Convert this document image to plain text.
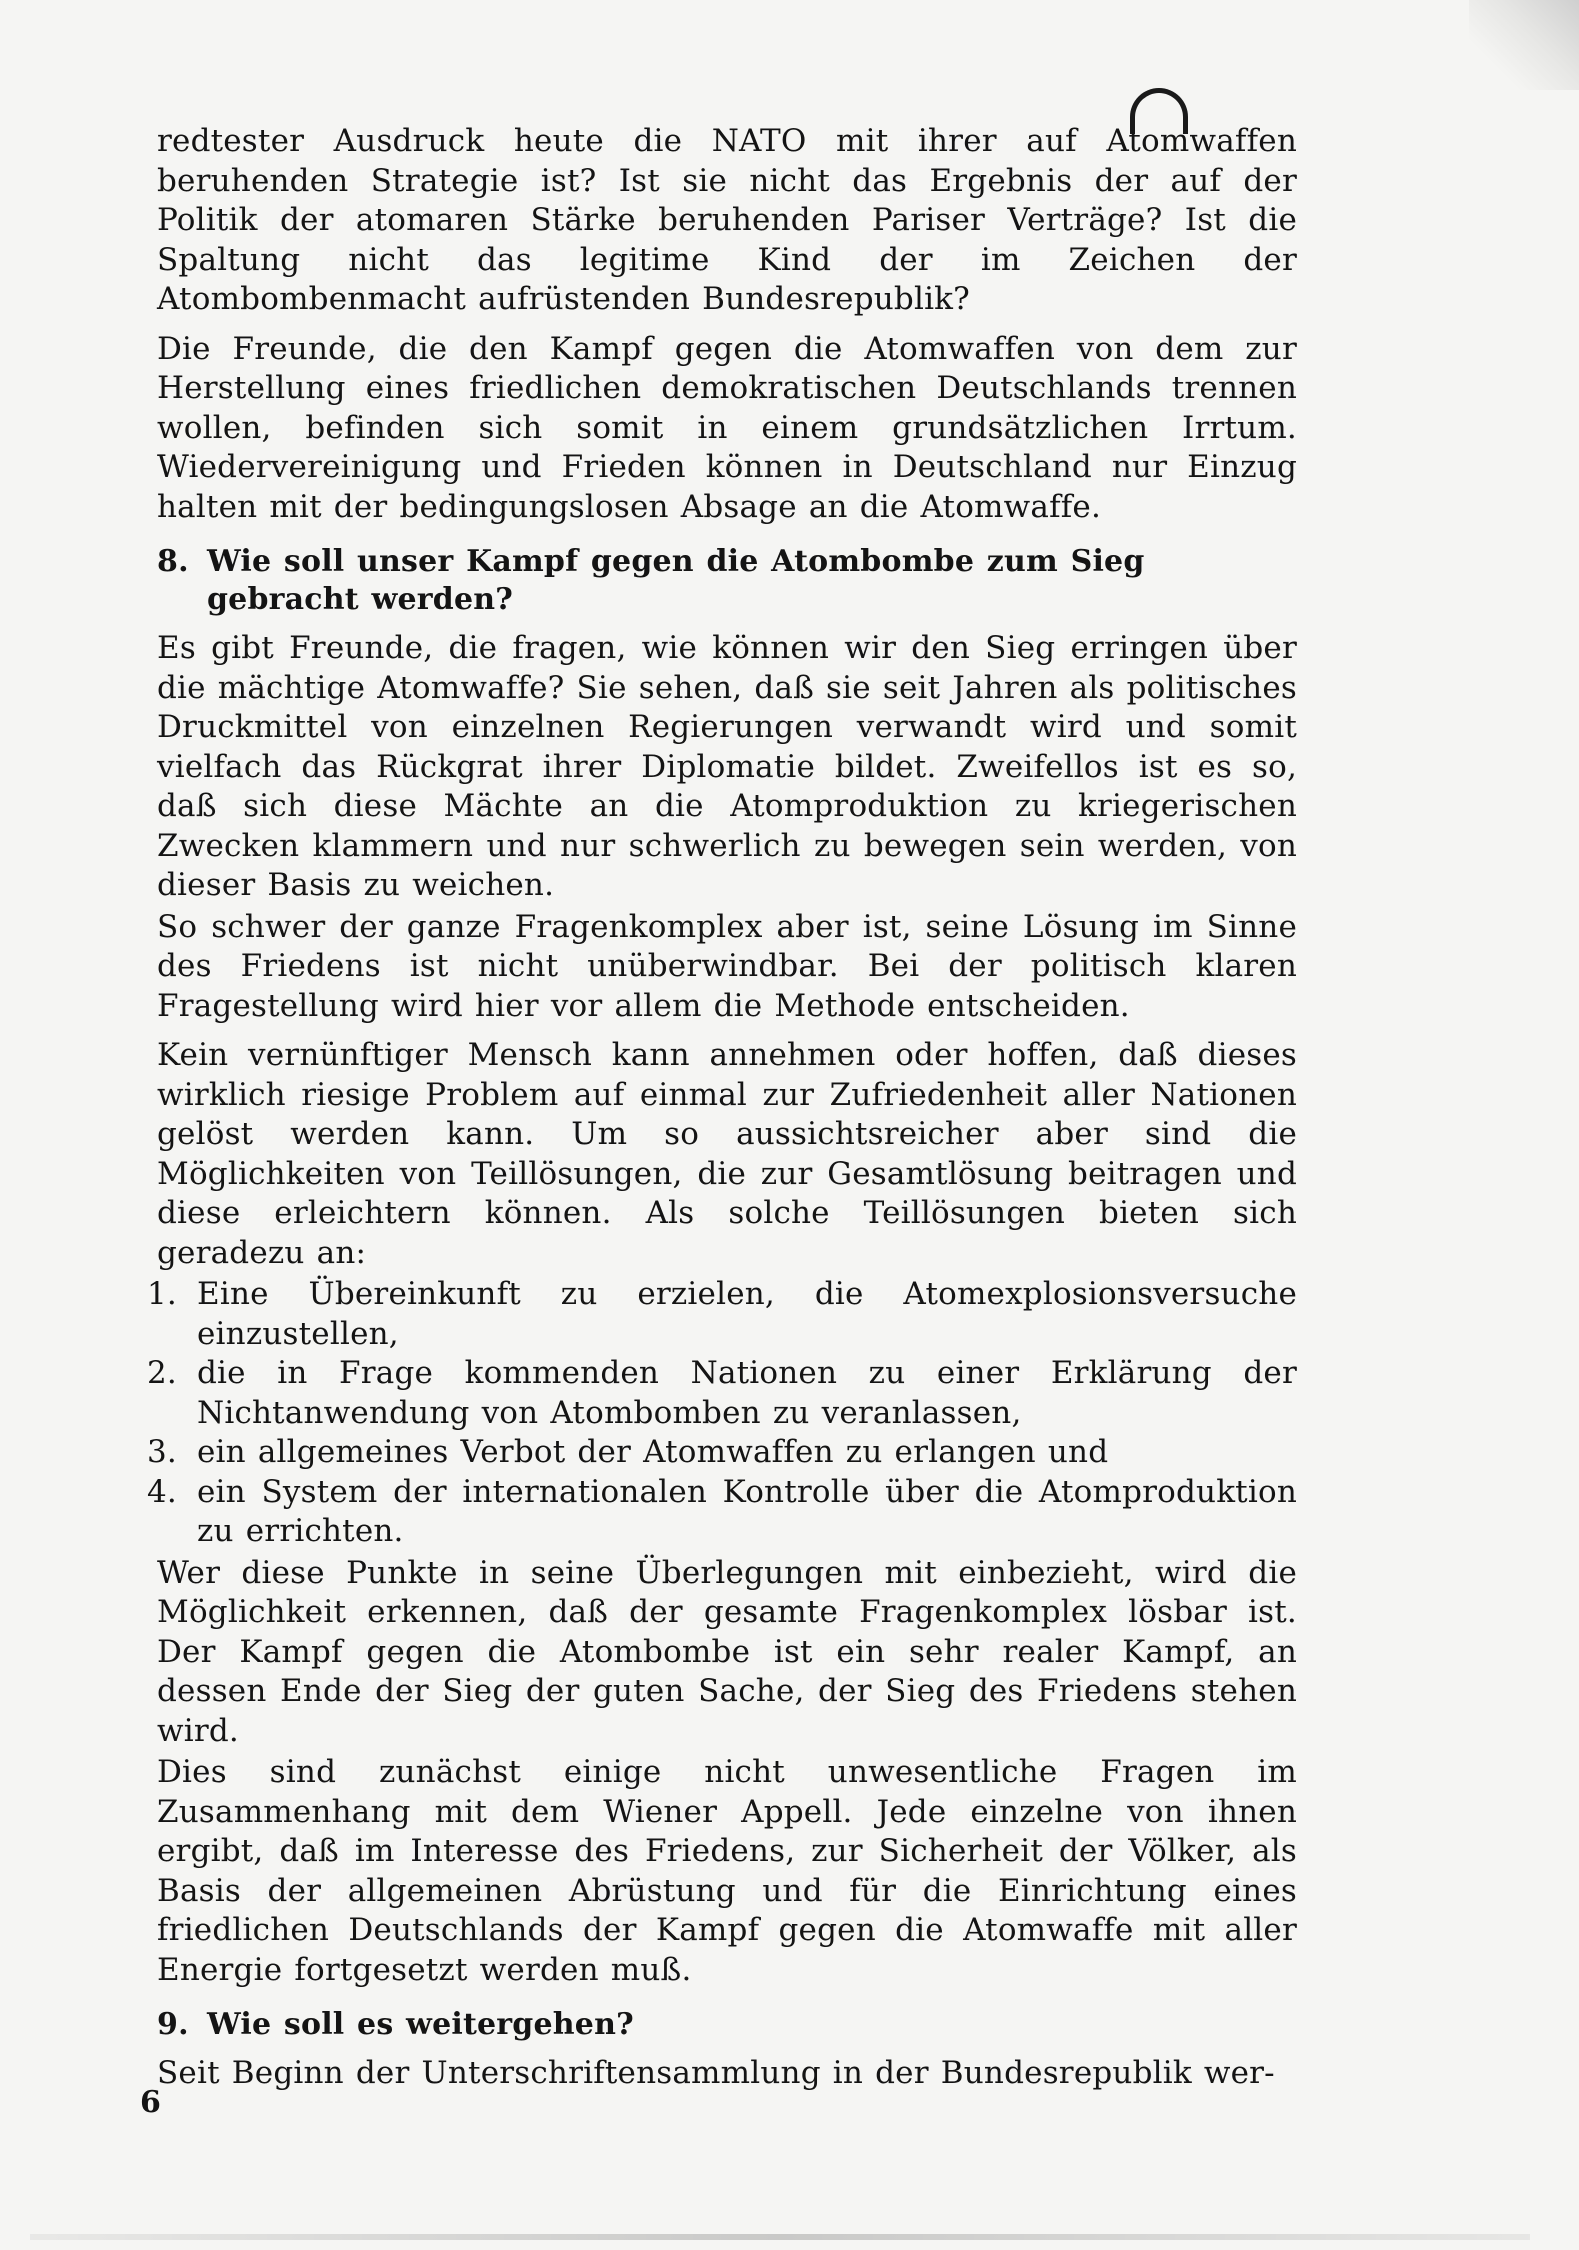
redtester Ausdruck heute die NATO mit ihrer auf Atomwaffen beruhenden Strategie ist? Ist sie nicht das Ergebnis der auf der Politik der atomaren Stärke beruhenden Pariser Verträge? Ist die Spaltung nicht das legitime Kind der im Zeichen der Atombombenmacht aufrüstenden Bundesrepublik?

Die Freunde, die den Kampf gegen die Atomwaffen von dem zur Herstellung eines friedlichen demokratischen Deutschlands trennen wollen, befinden sich somit in einem grundsätzlichen Irrtum. Wiedervereinigung und Frieden können in Deutschland nur Einzug halten mit der bedingungslosen Absage an die Atomwaffe.

8. Wie soll unser Kampf gegen die Atombombe zum Sieg gebracht werden?

Es gibt Freunde, die fragen, wie können wir den Sieg erringen über die mächtige Atomwaffe? Sie sehen, daß sie seit Jahren als politisches Druckmittel von einzelnen Regierungen verwandt wird und somit vielfach das Rückgrat ihrer Diplomatie bildet. Zweifellos ist es so, daß sich diese Mächte an die Atomproduktion zu kriegerischen Zwecken klammern und nur schwerlich zu bewegen sein werden, von dieser Basis zu weichen.

So schwer der ganze Fragenkomplex aber ist, seine Lösung im Sinne des Friedens ist nicht unüberwindbar. Bei der politisch klaren Fragestellung wird hier vor allem die Methode entscheiden.

Kein vernünftiger Mensch kann annehmen oder hoffen, daß dieses wirklich riesige Problem auf einmal zur Zufriedenheit aller Nationen gelöst werden kann. Um so aussichtsreicher aber sind die Möglichkeiten von Teillösungen, die zur Gesamtlösung beitragen und diese erleichtern können. Als solche Teillösungen bieten sich geradezu an:

1. Eine Übereinkunft zu erzielen, die Atomexplosionsversuche einzustellen,
2. die in Frage kommenden Nationen zu einer Erklärung der Nichtanwendung von Atombomben zu veranlassen,
3. ein allgemeines Verbot der Atomwaffen zu erlangen und
4. ein System der internationalen Kontrolle über die Atomproduktion zu errichten.

Wer diese Punkte in seine Überlegungen mit einbezieht, wird die Möglichkeit erkennen, daß der gesamte Fragenkomplex lösbar ist. Der Kampf gegen die Atombombe ist ein sehr realer Kampf, an dessen Ende der Sieg der guten Sache, der Sieg des Friedens stehen wird.

Dies sind zunächst einige nicht unwesentliche Fragen im Zusammenhang mit dem Wiener Appell. Jede einzelne von ihnen ergibt, daß im Interesse des Friedens, zur Sicherheit der Völker, als Basis der allgemeinen Abrüstung und für die Einrichtung eines friedlichen Deutschlands der Kampf gegen die Atomwaffe mit aller Energie fortgesetzt werden muß.

9. Wie soll es weitergehen?

Seit Beginn der Unterschriftensammlung in der Bundesrepublik wer-

6
